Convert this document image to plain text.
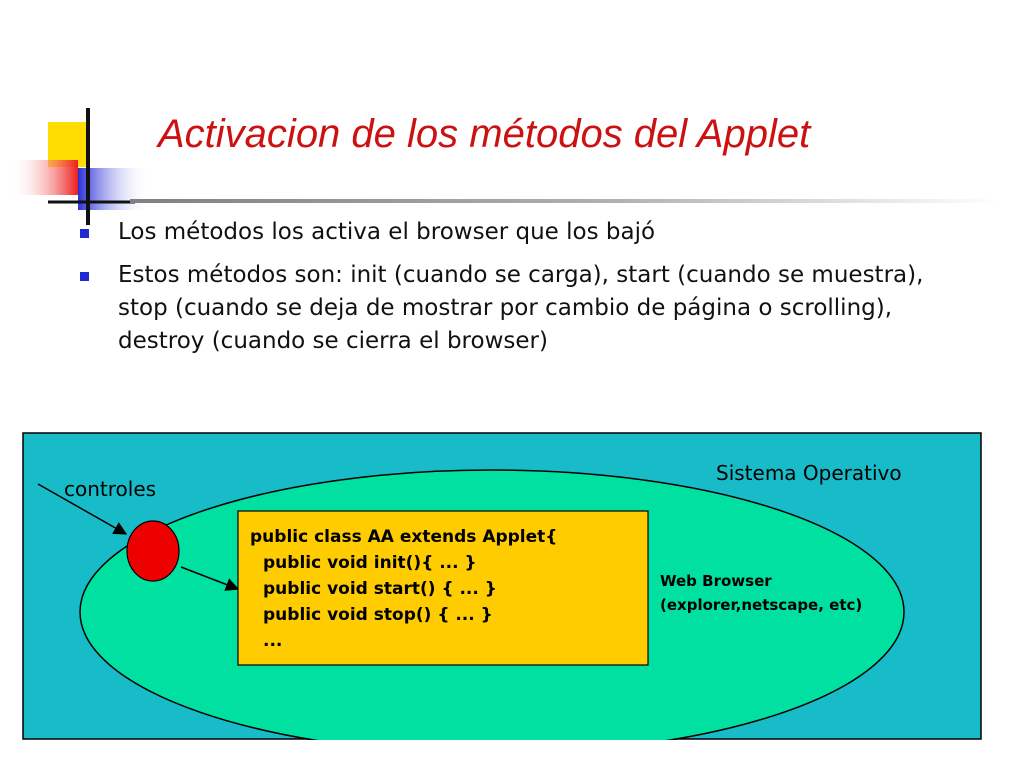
Activacion de los métodos del Applet
Los métodos los activa el browser que los bajó
Estos métodos son: init (cuando se carga), start (cuando se muestra), stop (cuando se deja de mostrar por cambio de página o scrolling), destroy (cuando se cierra el browser)
Sistema Operativo
controles
public class AA extends Applet{
public void init(){ ... }
public void start() { ... }
public void stop() { ... }
...
Web Browser
(explorer,netscape, etc)
